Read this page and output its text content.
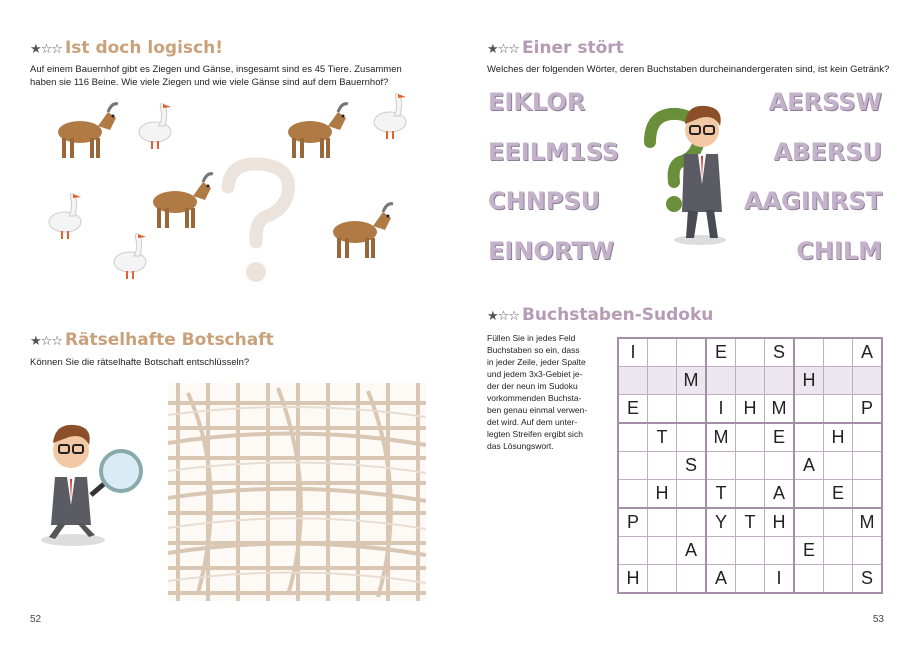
★☆☆ Ist doch logisch!
Auf einem Bauernhof gibt es Ziegen und Gänse, insgesamt sind es 45 Tiere. Zusammen
haben sie 116 Beine. Wie viele Ziegen und wie viele Gänse sind auf dem Bauernhof?
★☆☆ Rätselhafte Botschaft
Können Sie die rätselhafte Botschaft entschlüsseln?
52
★☆☆ Einer stört
Welches der folgenden Wörter, deren Buchstaben durcheinandergeraten sind, ist kein Getränk?
EIKLOR
EEILM1SS
CHNPSU
EINORTW
AERSSW
ABERSU
AAGINRST
CHILM
★☆☆ Buchstaben-Sudoku
Füllen Sie in jedes Feld
Buchstaben so ein, dass
in jeder Zeile, jeder Spalte
und jedem 3x3-Gebiet je-
der der neun im Sudoku
vorkommenden Buchsta-
ben genau einmal verwen-
det wird. Auf dem unter-
legten Streifen ergibt sich
das Lösungswort.
I			E		S			A
		M				H		
E			I	H	M			P
	T		M		E		H	
		S				A		
	H		T		A		E	
P			Y	T	H			M
		A				E		
H			A		I			S
53
